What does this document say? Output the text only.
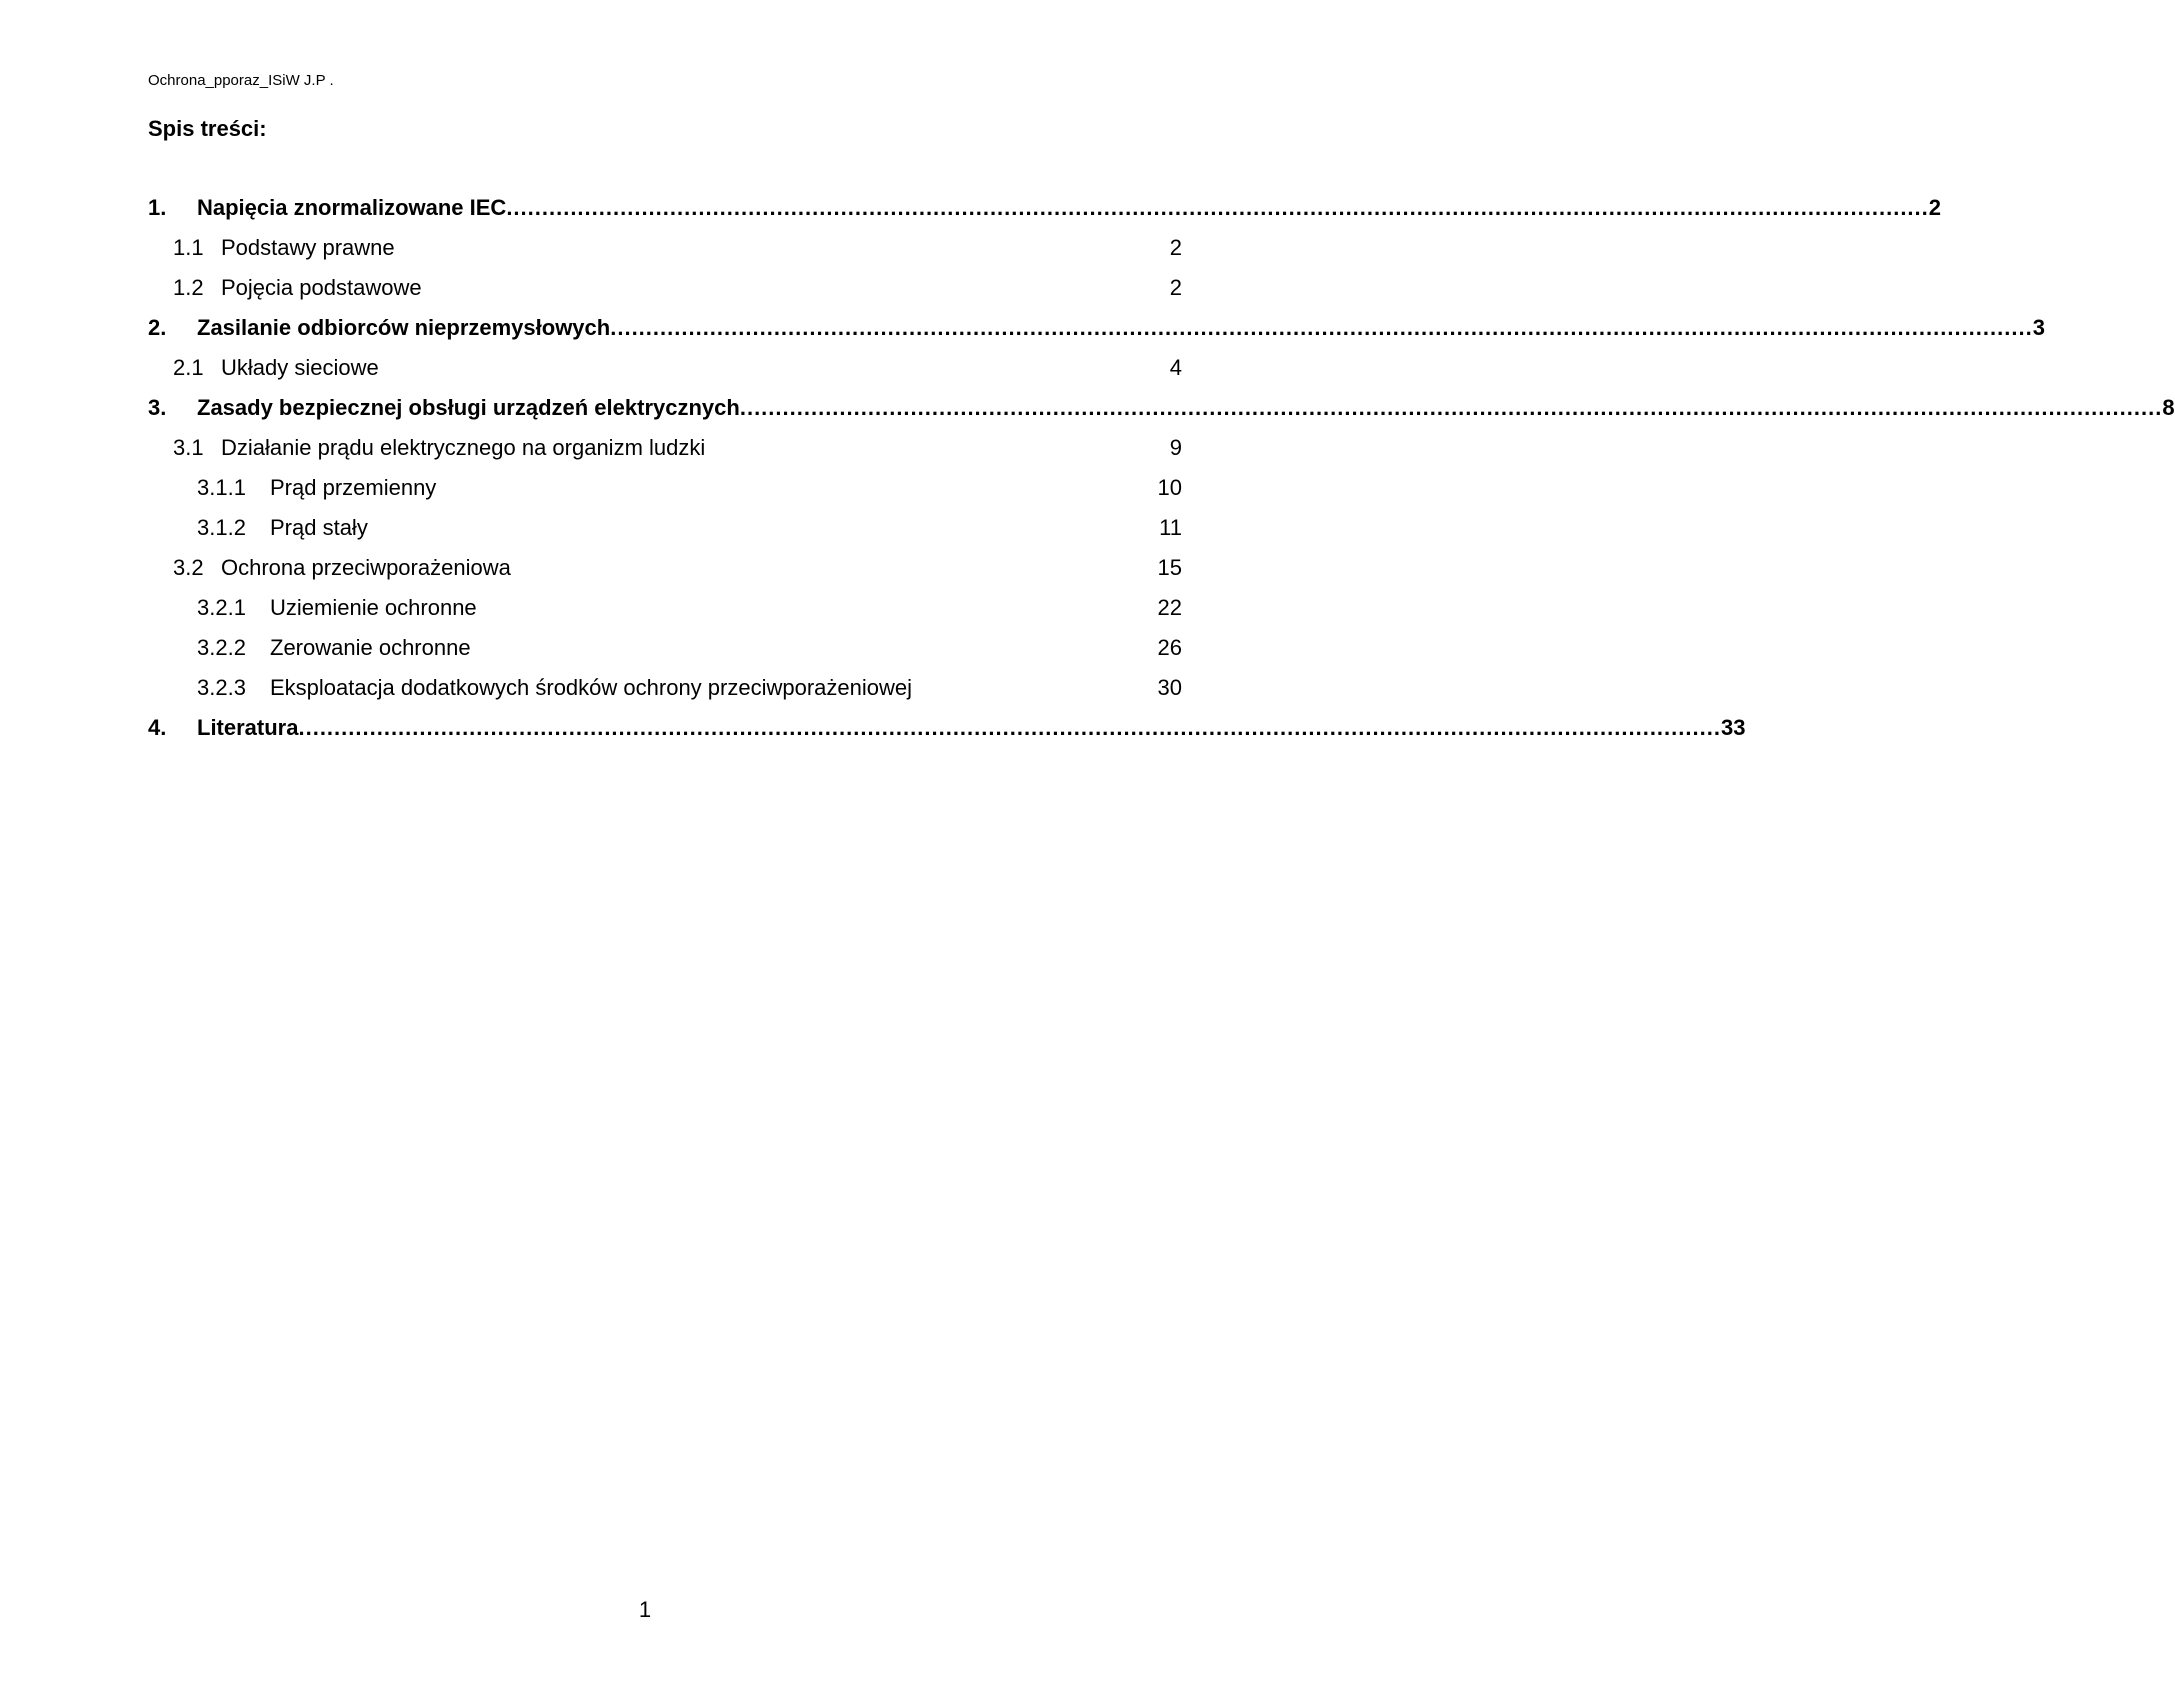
Ochrona_pporaz_ISiW J.P .
Spis treści:
1. Napięcia znormalizowane IEC ........................................................................................................................................................................................................ 2
1.1 Podstawy prawne	2
1.2 Pojęcia podstawowe	2
2. Zasilanie odbiorców nieprzemysłowych ........................................................................................................................................................................................................ 3
2.1 Układy sieciowe	4
3. Zasady bezpiecznej obsługi urządzeń elektrycznych ........................................................................................................................................................................................................ 8
3.1 Działanie prądu elektrycznego na organizm ludzki	9
3.1.1 Prąd przemienny	10
3.1.2 Prąd stały	11
3.2 Ochrona przeciwporażeniowa	15
3.2.1 Uziemienie ochronne	22
3.2.2 Zerowanie ochronne	26
3.2.3 Eksploatacja dodatkowych środków ochrony przeciwporażeniowej	30
4. Literatura ........................................................................................................................................................................................................ 33
1
